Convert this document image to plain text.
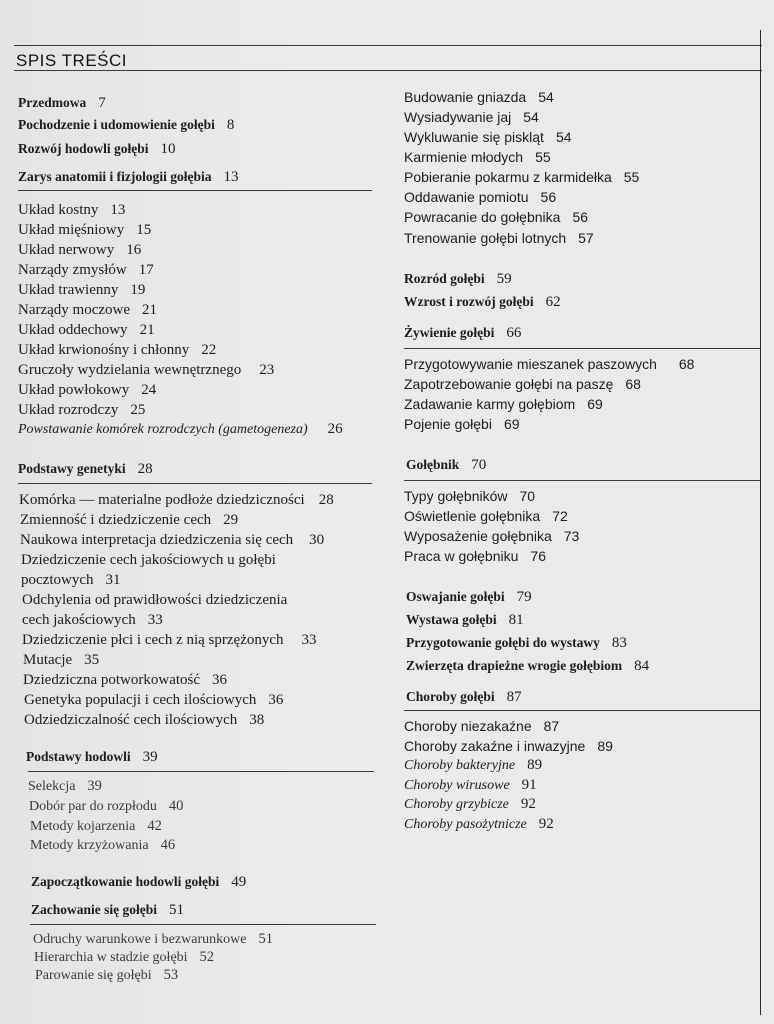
SPIS TREŚCI
Przedmowa 7
Pochodzenie i udomowienie gołębi 8
Rozwój hodowli gołębi 10
Zarys anatomii i fizjologii gołębia 13
Układ kostny 13
Układ mięśniowy 15
Układ nerwowy 16
Narządy zmysłów 17
Układ trawienny 19
Narządy moczowe 21
Układ oddechowy 21
Układ krwionośny i chłonny 22
Gruczoły wydzielania wewnętrznego 23
Układ powłokowy 24
Układ rozrodczy 25
Powstawanie komórek rozrodczych (gametogeneza) 26
Podstawy genetyki 28
Komórka — materialne podłoże dziedziczności 28
Zmienność i dziedziczenie cech 29
Naukowa interpretacja dziedziczenia się cech 30
Dziedziczenie cech jakościowych u gołębi
pocztowych 31
Odchylenia od prawidłowości dziedziczenia
cech jakościowych 33
Dziedziczenie płci i cech z nią sprzężonych 33
Mutacje 35
Dziedziczna potworkowatość 36
Genetyka populacji i cech ilościowych 36
Odziedziczalność cech ilościowych 38
Podstawy hodowli 39
Selekcja 39
Dobór par do rozpłodu 40
Metody kojarzenia 42
Metody krzyżowania 46
Zapoczątkowanie hodowli gołębi 49
Zachowanie się gołębi 51
Odruchy warunkowe i bezwarunkowe 51
Hierarchia w stadzie gołębi 52
Parowanie się gołębi 53
Budowanie gniazda 54
Wysiadywanie jaj 54
Wykluwanie się piskląt 54
Karmienie młodych 55
Pobieranie pokarmu z karmidełka 55
Oddawanie pomiotu 56
Powracanie do gołębnika 56
Trenowanie gołębi lotnych 57
Rozród gołębi 59
Wzrost i rozwój gołębi 62
Żywienie gołębi 66
Przygotowywanie mieszanek paszowych 68
Zapotrzebowanie gołębi na paszę 68
Zadawanie karmy gołębiom 69
Pojenie gołębi 69
Gołębnik 70
Typy gołębników 70
Oświetlenie gołębnika 72
Wyposażenie gołębnika 73
Praca w gołębniku 76
Oswajanie gołębi 79
Wystawa gołębi 81
Przygotowanie gołębi do wystawy 83
Zwierzęta drapieżne wrogie gołębiom 84
Choroby gołębi 87
Choroby niezakaźne 87
Choroby zakaźne i inwazyjne 89
Choroby bakteryjne 89
Choroby wirusowe 91
Choroby grzybicze 92
Choroby pasożytnicze 92
